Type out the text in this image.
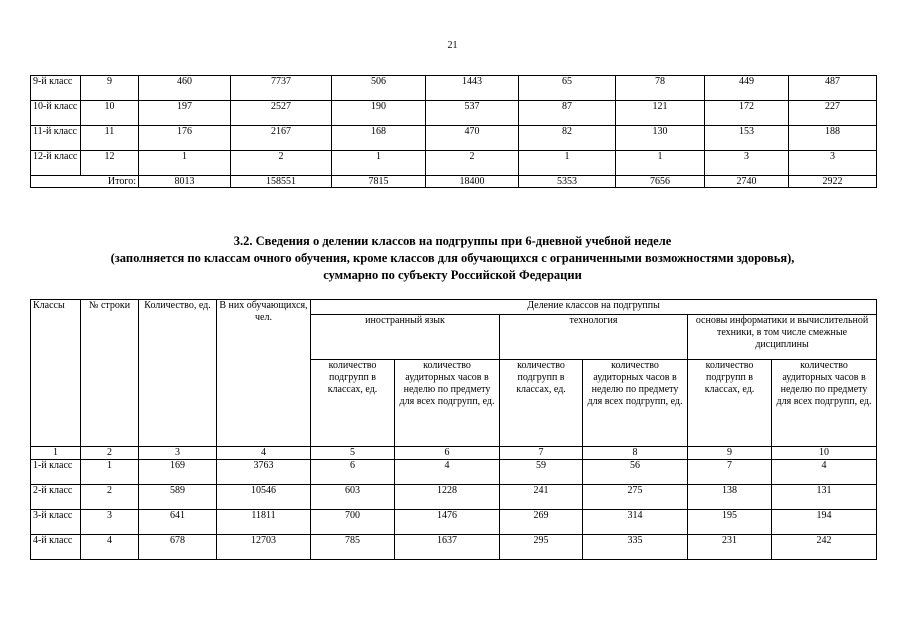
21
9-й класс	9	460	7737	506	1443	65	78	449	487
10-й класс	10	197	2527	190	537	87	121	172	227
11-й класс	11	176	2167	168	470	82	130	153	188
12-й класс	12	1	2	1	2	1	1	3	3
Итого:		8013	158551	7815	18400	5353	7656	2740	2922
3.2. Сведения о делении классов на подгруппы при 6-дневной учебной неделе
(заполняется по классам очного обучения, кроме классов для обучающихся с ограниченными возможностями здоровья),
суммарно по субъекту Российской Федерации
Классы	№ строки	Количество, ед.	В них обучающихся, чел.	Деление классов на подгруппы					
				иностранный язык		технология		основы информатики и вычислительной техники, в том числе смежные дисциплины	
				количество подгрупп в классах, ед.	количество аудиторных часов в неделю по предмету для всех подгрупп, ед.	количество подгрупп в классах, ед.	количество аудиторных часов в неделю по предмету для всех подгрупп, ед.	количество подгрупп в классах, ед.	количество аудиторных часов в неделю по предмету для всех подгрупп, ед.
1	2	3	4	5	6	7	8	9	10
1-й класс	1	169	3763	6	4	59	56	7	4
2-й класс	2	589	10546	603	1228	241	275	138	131
3-й класс	3	641	11811	700	1476	269	314	195	194
4-й класс	4	678	12703	785	1637	295	335	231	242
